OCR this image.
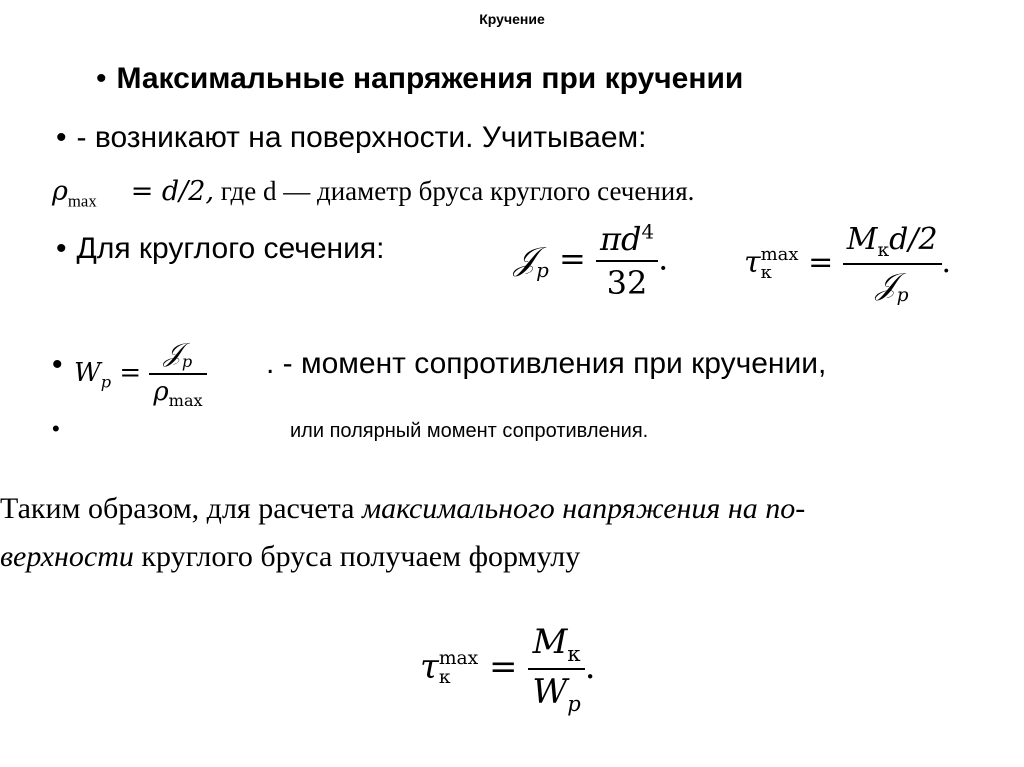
Кручение
• Максимальные напряжения при кручении
• - возникают на поверхности. Учитываем:
$\rho_{max} = d/2$, где d — диаметр бруса круглого сечения.
• Для круглого сечения:	𝒥$_p$ = $\frac{\pi d^4}{32}$ .	τ max
к	= $\frac{M_кd/2}{𝒥_p}$ .
• $W_p = \frac{𝒥_p}{\rho_{max}}$ . - момент сопротивления при кручении,
•	или полярный момент сопротивления.
Таким образом, для расчета максимального напряжения на по-
верхности круглого бруса получаем формулу
τ max
к	= $\frac{M_к}{W_p}$ .
